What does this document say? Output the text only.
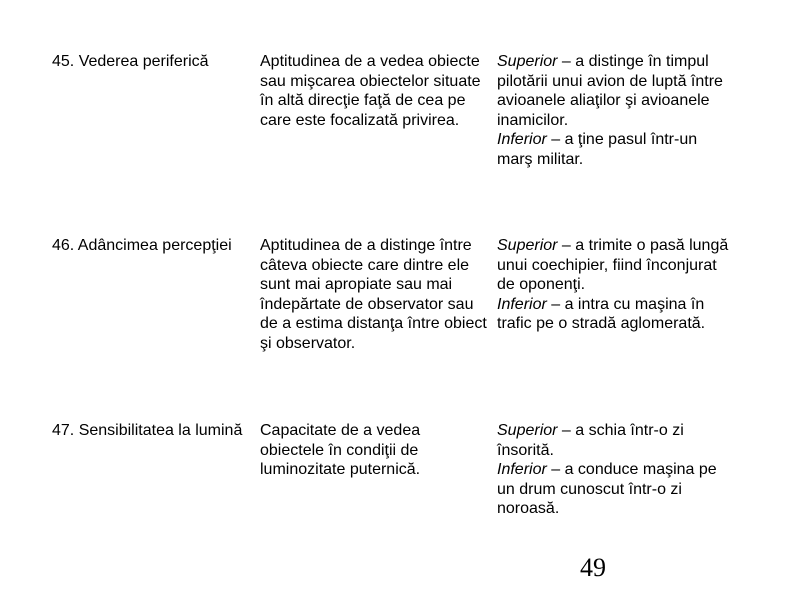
45. Vederea periferică	Aptitudinea de a vedea obiecte sau mişcarea obiectelor situate în altă direcţie faţă de cea pe care este focalizată privirea.
Superior – a distinge în timpul pilotării unui avion de luptă între avioanele aliaţilor şi avioanele inamicilor.
Inferior – a ţine pasul într-un marş militar.
46. Adâncimea percepţiei	Aptitudinea de a distinge între câteva obiecte care dintre ele sunt mai apropiate sau mai îndepărtate de observator sau de a estima distanţa între obiect şi observator.
Superior – a trimite o pasă lungă unui coechipier, fiind înconjurat de oponenţi.
Inferior – a intra cu maşina în trafic pe o stradă aglomerată.
47. Sensibilitatea la lumină Capacitate de a vedea obiectele în condiţii de luminozitate puternică.
Superior – a schia într-o zi însorită.
Inferior – a conduce maşina pe un drum cunoscut într-o zi noroasă.
49
